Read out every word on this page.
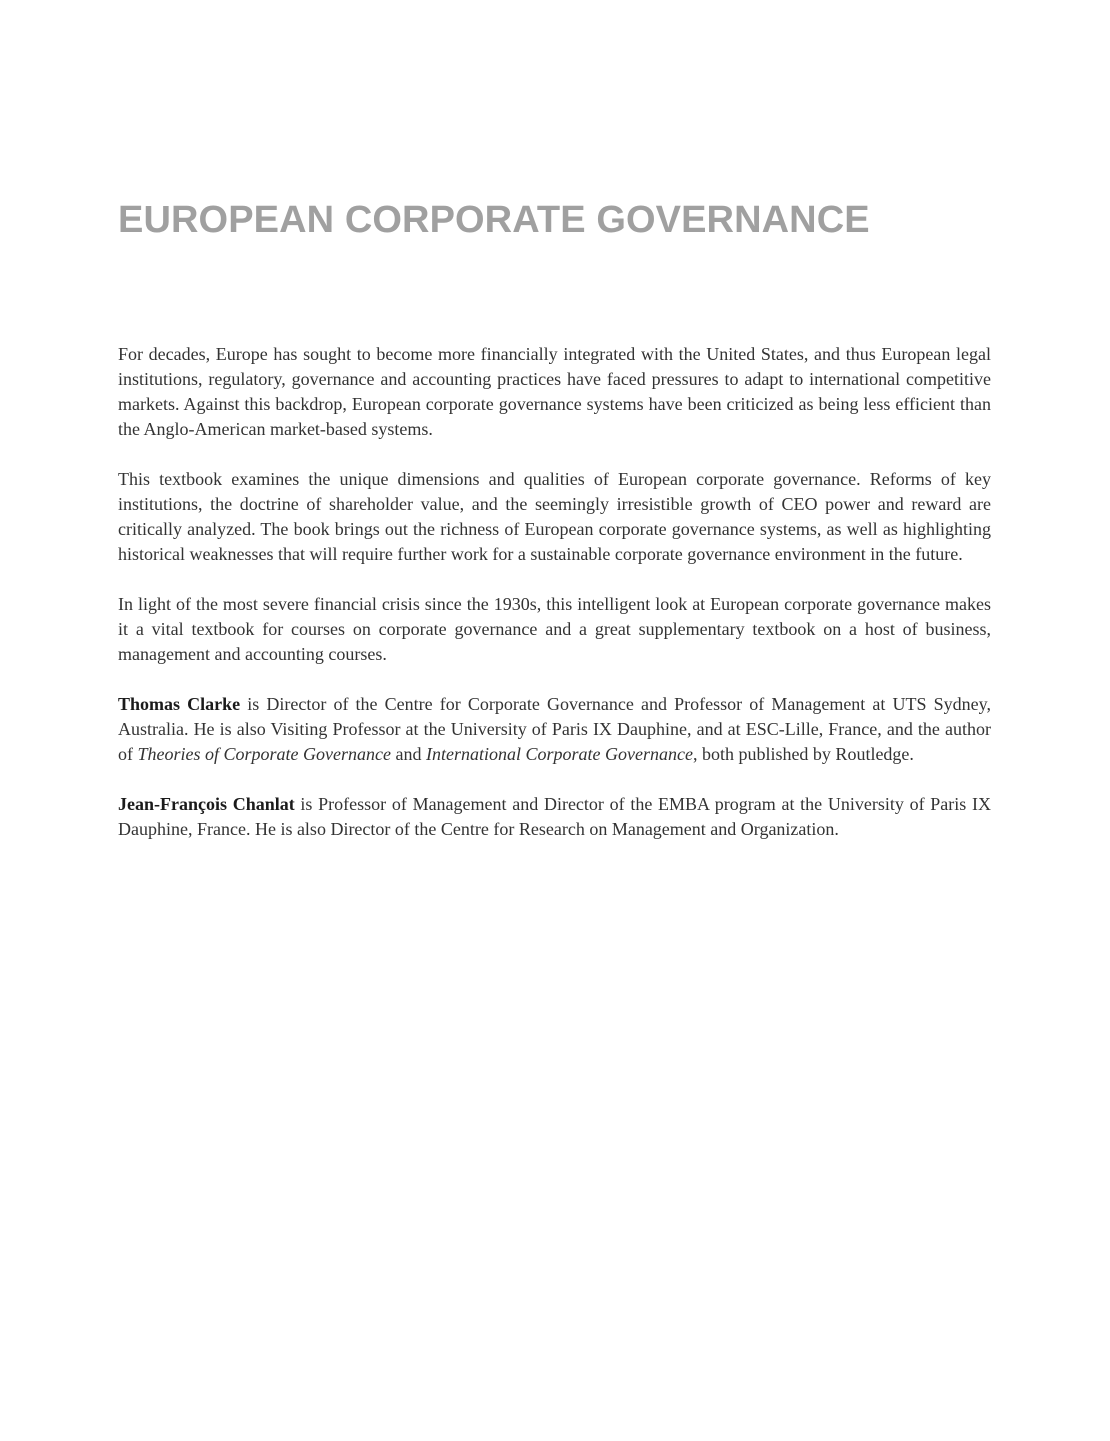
EUROPEAN CORPORATE GOVERNANCE

For decades, Europe has sought to become more financially integrated with the United States, and thus European legal institutions, regulatory, governance and accounting practices have faced pressures to adapt to international competitive markets. Against this backdrop, European corporate governance systems have been criticized as being less efficient than the Anglo-American market-based systems.

This textbook examines the unique dimensions and qualities of European corporate governance. Reforms of key institutions, the doctrine of shareholder value, and the seemingly irresistible growth of CEO power and reward are critically analyzed. The book brings out the richness of European corporate governance systems, as well as highlighting historical weaknesses that will require further work for a sustainable corporate governance environment in the future.

In light of the most severe financial crisis since the 1930s, this intelligent look at European corporate governance makes it a vital textbook for courses on corporate governance and a great supplementary textbook on a host of business, management and accounting courses.

Thomas Clarke is Director of the Centre for Corporate Governance and Professor of Management at UTS Sydney, Australia. He is also Visiting Professor at the University of Paris IX Dauphine, and at ESC-Lille, France, and the author of Theories of Corporate Governance and International Corporate Governance, both published by Routledge.

Jean-François Chanlat is Professor of Management and Director of the EMBA program at the University of Paris IX Dauphine, France. He is also Director of the Centre for Research on Management and Organization.
